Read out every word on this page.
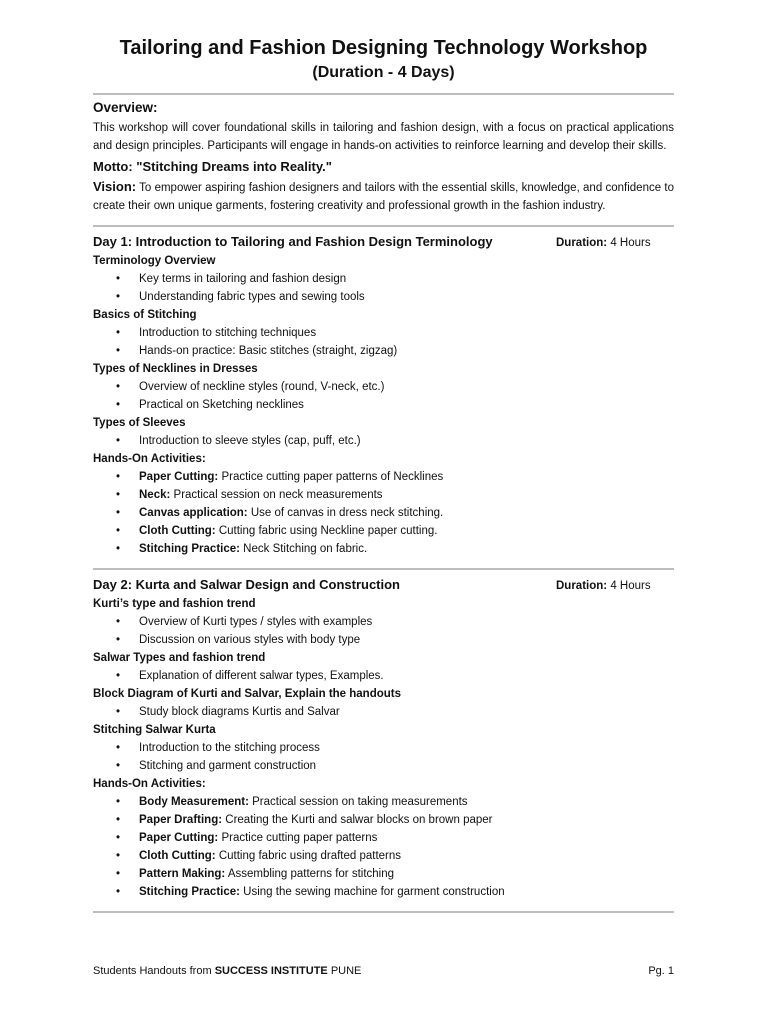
Tailoring and Fashion Designing Technology Workshop
(Duration - 4 Days)
Overview:

This workshop will cover foundational skills in tailoring and fashion design, with a focus on practical applications and design principles. Participants will engage in hands-on activities to reinforce learning and develop their skills.

Motto: "Stitching Dreams into Reality."

Vision: To empower aspiring fashion designers and tailors with the essential skills, knowledge, and confidence to create their own unique garments, fostering creativity and professional growth in the fashion industry.

Day 1: Introduction to Tailoring and Fashion Design Terminology	Duration: 4 Hours
Terminology Overview
• Key terms in tailoring and fashion design
• Understanding fabric types and sewing tools
Basics of Stitching
• Introduction to stitching techniques
• Hands-on practice: Basic stitches (straight, zigzag)
Types of Necklines in Dresses
• Overview of neckline styles (round, V-neck, etc.)
• Practical on Sketching necklines
Types of Sleeves
• Introduction to sleeve styles (cap, puff, etc.)
Hands-On Activities:
• Paper Cutting: Practice cutting paper patterns of Necklines
• Neck: Practical session on neck measurements
• Canvas application: Use of canvas in dress neck stitching.
• Cloth Cutting: Cutting fabric using Neckline paper cutting.
• Stitching Practice: Neck Stitching on fabric.
Day 2: Kurta and Salwar Design and Construction	Duration: 4 Hours
Kurti’s type and fashion trend
• Overview of Kurti types / styles with examples
• Discussion on various styles with body type
Salwar Types and fashion trend
• Explanation of different salwar types, Examples.
Block Diagram of Kurti and Salvar, Explain the handouts
• Study block diagrams Kurtis and Salvar
Stitching Salwar Kurta
• Introduction to the stitching process
• Stitching and garment construction
Hands-On Activities:
• Body Measurement: Practical session on taking measurements
• Paper Drafting: Creating the Kurti and salwar blocks on brown paper
• Paper Cutting: Practice cutting paper patterns
• Cloth Cutting: Cutting fabric using drafted patterns
• Pattern Making: Assembling patterns for stitching
• Stitching Practice: Using the sewing machine for garment construction
Students Handouts from SUCCESS INSTITUTE PUNE	Pg. 1
